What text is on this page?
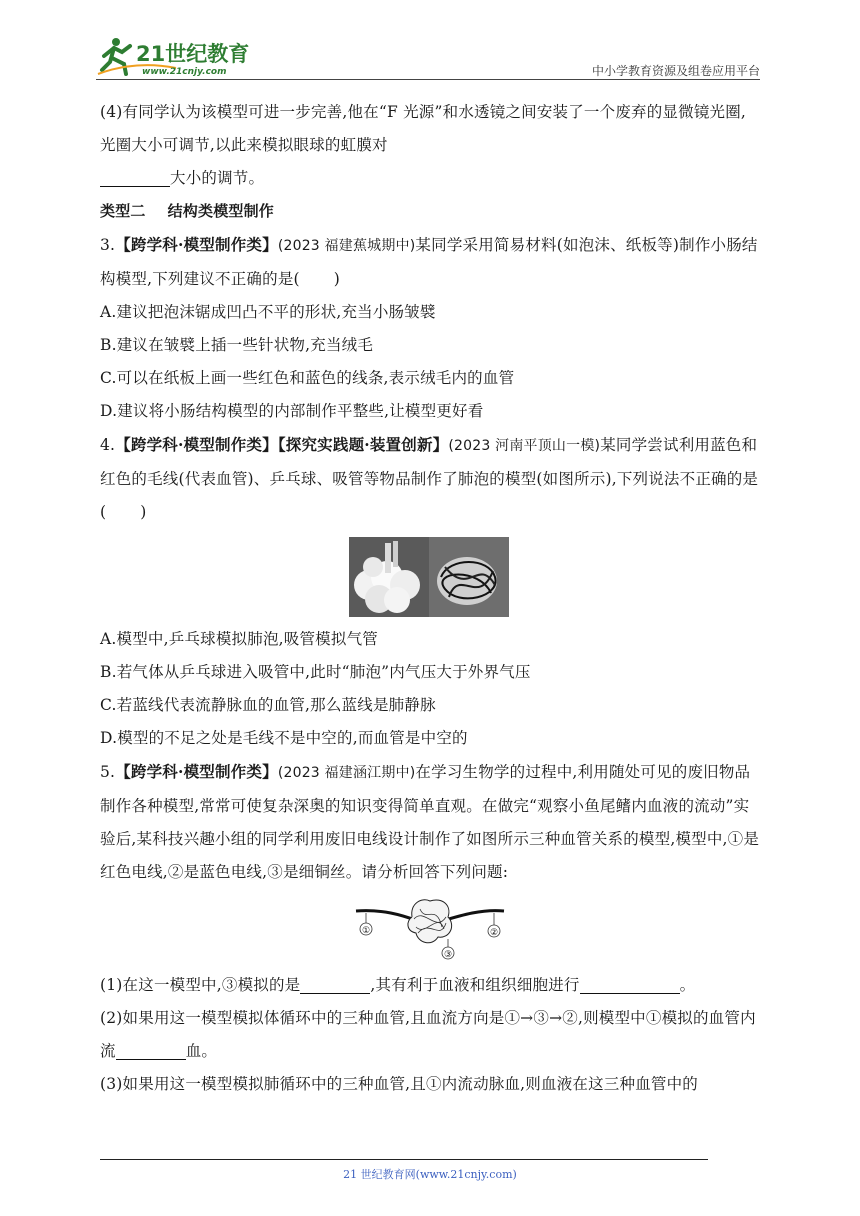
21世纪教育
www.21cnjy.com	中小学教育资源及组卷应用平台

(4)有同学认为该模型可进一步完善,他在“F 光源”和水透镜之间安装了一个废弃的显微镜光圈,光圈大小可调节,以此来模拟眼球的虹膜对

大小的调节。

类型二 结构类模型制作

3.【跨学科·模型制作类】(2023 福建蕉城期中)某同学采用简易材料(如泡沫、纸板等)制作小肠结构模型,下列建议不正确的是( )

A.建议把泡沫锯成凹凸不平的形状,充当小肠皱襞

B.建议在皱襞上插一些针状物,充当绒毛

C.可以在纸板上画一些红色和蓝色的线条,表示绒毛内的血管

D.建议将小肠结构模型的内部制作平整些,让模型更好看

4.【跨学科·模型制作类】【探究实践题·装置创新】(2023 河南平顶山一模)某同学尝试利用蓝色和红色的毛线(代表血管)、乒乓球、吸管等物品制作了肺泡的模型(如图所示),下列说法不正确的是( )

A.模型中,乒乓球模拟肺泡,吸管模拟气管

B.若气体从乒乓球进入吸管中,此时“肺泡”内气压大于外界气压

C.若蓝线代表流静脉血的血管,那么蓝线是肺静脉

D.模型的不足之处是毛线不是中空的,而血管是中空的

5.【跨学科·模型制作类】(2023 福建涵江期中)在学习生物学的过程中,利用随处可见的废旧物品制作各种模型,常常可使复杂深奥的知识变得简单直观。在做完“观察小鱼尾鳍内血液的流动”实验后,某科技兴趣小组的同学利用废旧电线设计制作了如图所示三种血管关系的模型,模型中,①是红色电线,②是蓝色电线,③是细铜丝。请分析回答下列问题:

①	②
③

(1)在这一模型中,③模拟的是	,其有利于血液和组织细胞进行	。

(2)如果用这一模型模拟体循环中的三种血管,且血流方向是①→③→②,则模型中①模拟的血管内流	血。

(3)如果用这一模型模拟肺循环中的三种血管,且①内流动脉血,则血液在这三种血管中的

21 世纪教育网(www.21cnjy.com)
